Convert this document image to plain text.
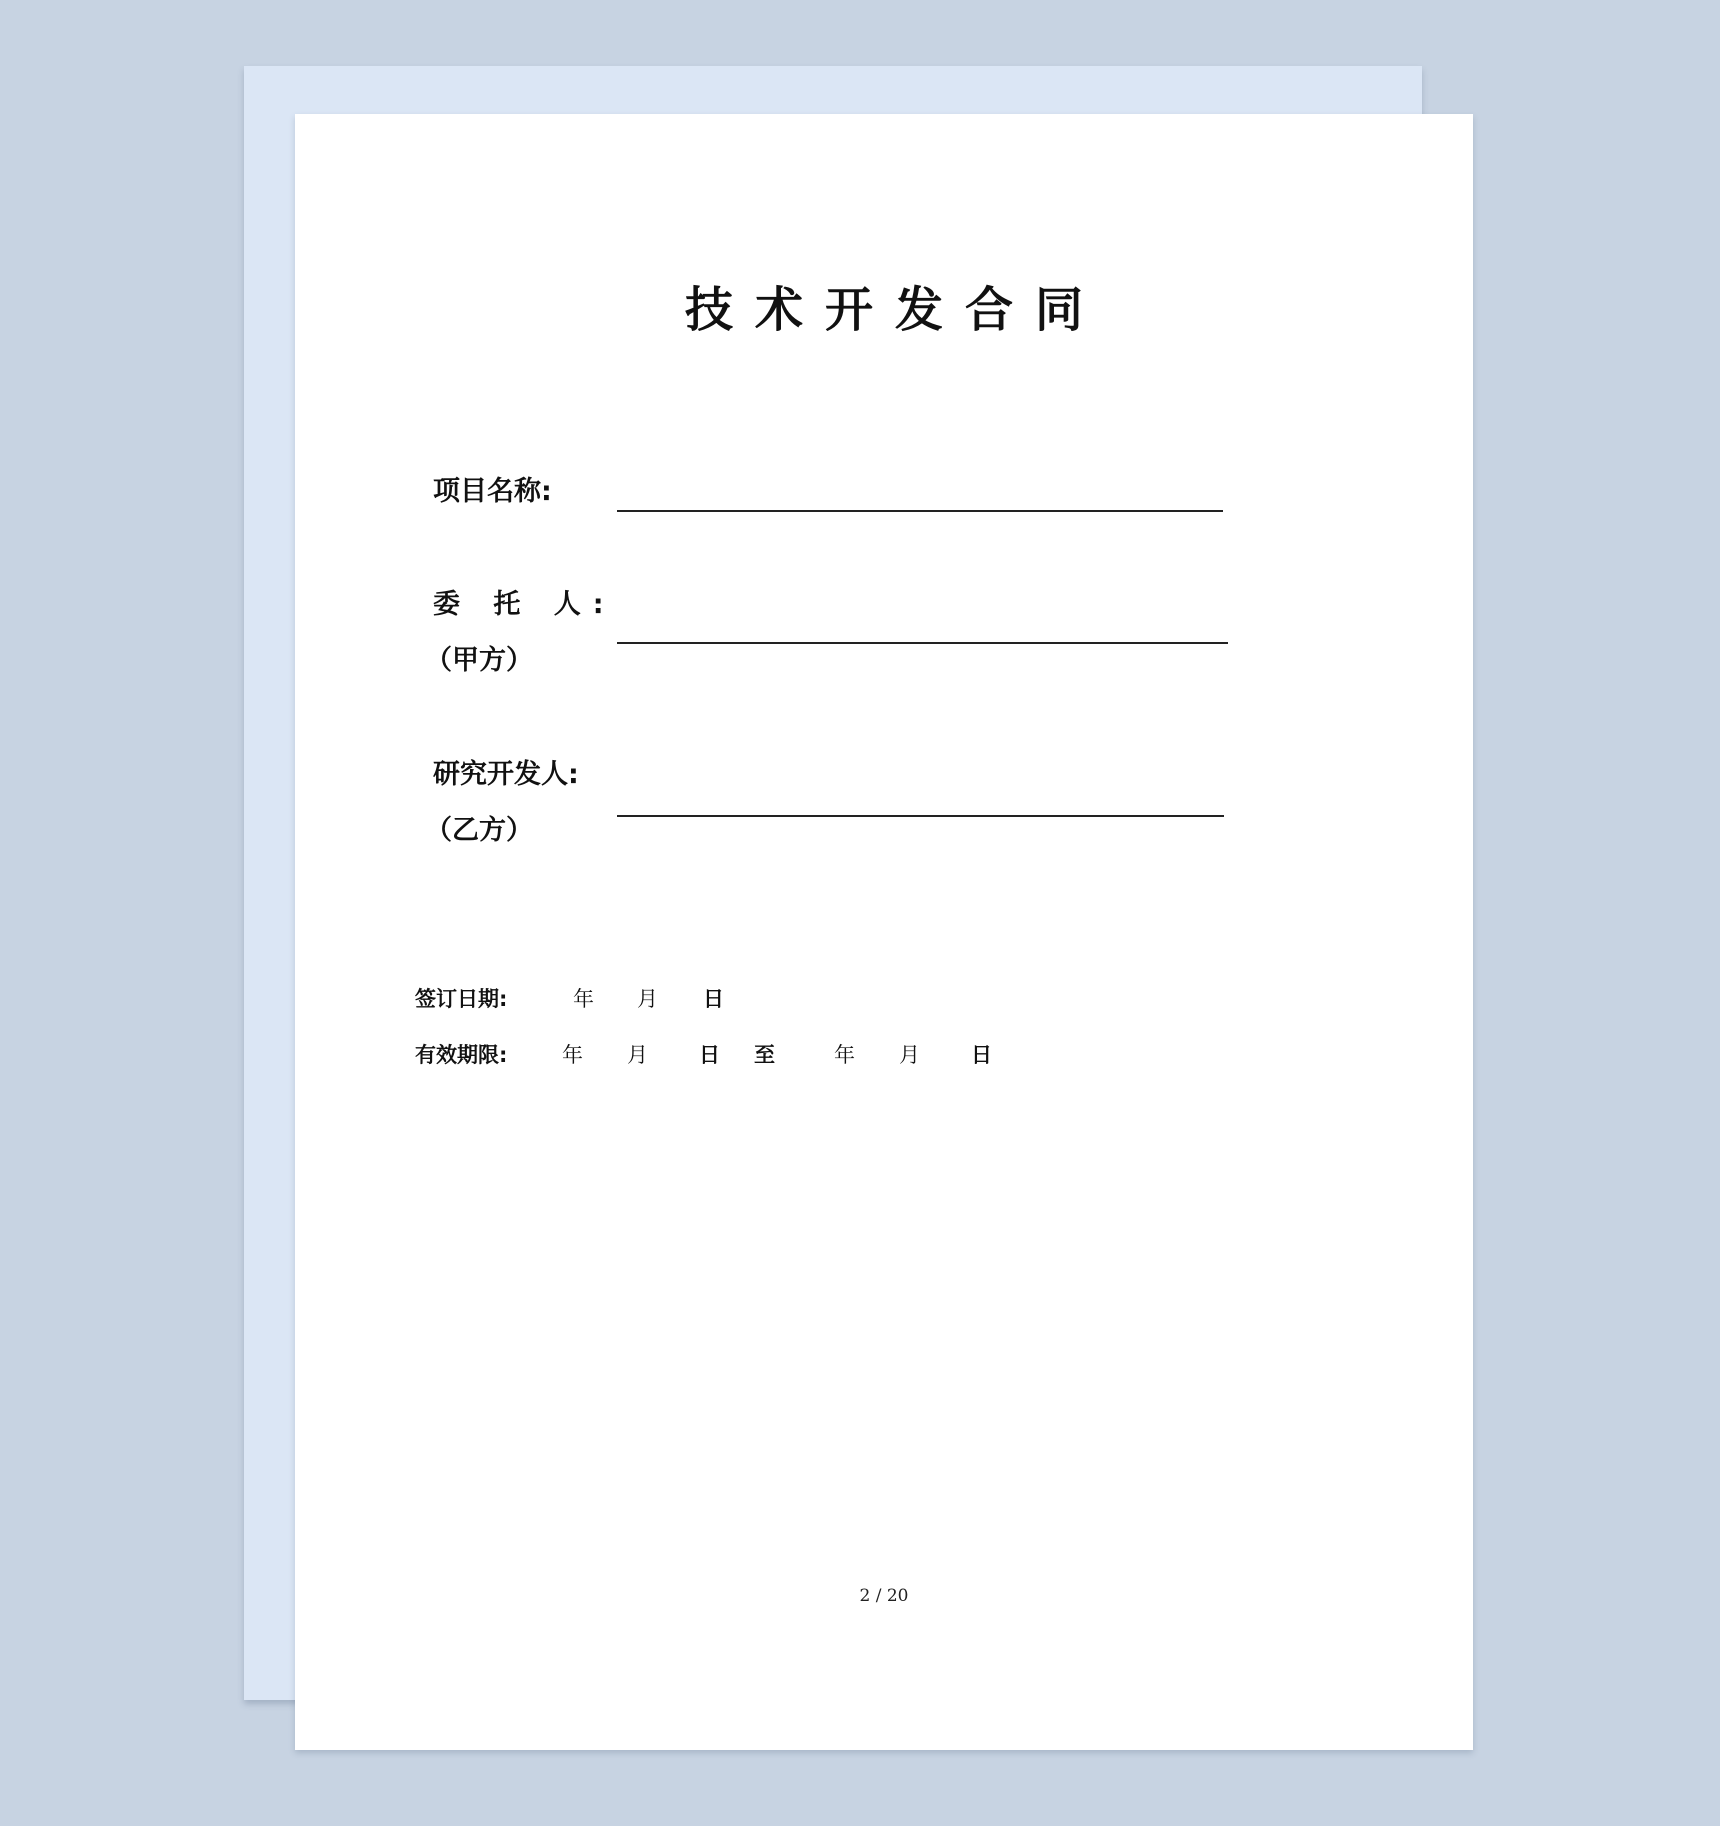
技术开发合同
项目名称:
委 托 人:
（甲方）
研究开发人:
（乙方）
签订日期:	年 月 日
有效期限:	年 月 日 至	年 月 日
2 / 20
